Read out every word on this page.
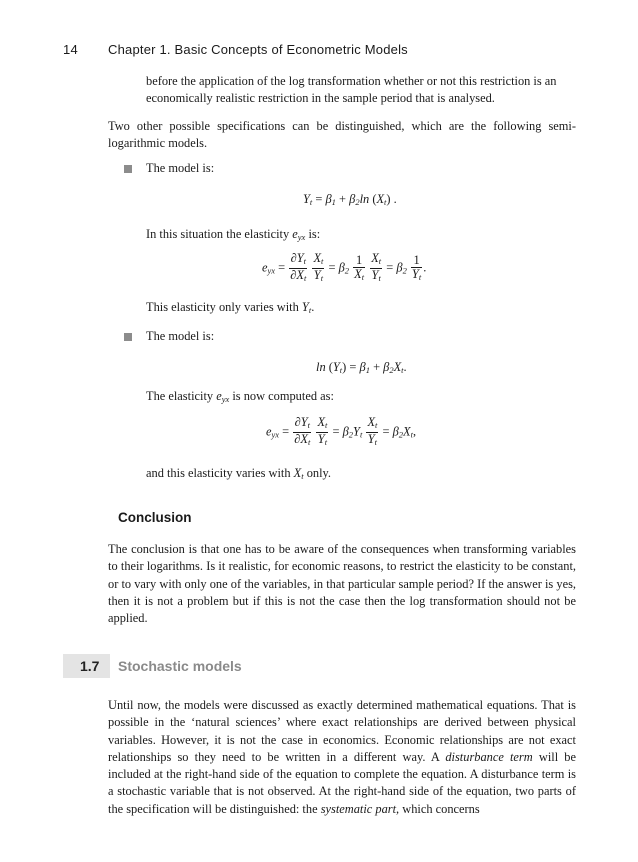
14 Chapter 1. Basic Concepts of Econometric Models
before the application of the log transformation whether or not this restriction is an
economically realistic restriction in the sample period that is analysed.
Two other possible specifications can be distinguished, which are the following semi-logarithmic models.
The model is:
$Y_t = \beta_1 + \beta_2\ln$ $(X_t)$ .
In this situation the elasticity $e_{yx}$ is:
$e_{yx} = \frac{\partial Y_t}{\partial X_t}$
$\frac{X_t}{Y_t} = \beta_2 \frac{1}{X_t}$
$\frac{X_t}{Y_t} = \beta_2 \frac{1}{Y_t}$ .
This elasticity only varies with $Y_t$.
The model is:
$\ln (Y_t) = \beta_1 + \beta_2X_t$.
The elasticity $e_{yx}$ is now computed as:
$e_{yx} = \frac{\partial Y_t}{\partial X_t}$
$\frac{X_t}{Y_t} = \beta_2Y_t \frac{X_t}{Y_t} = \beta_2X_t$,
and this elasticity varies with $X_t$ only.
Conclusion
The conclusion is that one has to be aware of the consequences when transforming variables to their logarithms. Is it realistic, for economic reasons, to restrict the elasticity to be constant, or to vary with only one of the variables, in that particular sample period? If the answer is yes, then it is not a problem but if this is not the case then the log transformation should not be applied.
1.7 Stochastic models
Until now, the models were discussed as exactly determined mathematical equations. That is possible in the ‘natural sciences’ where exact relationships are derived between physical variables. However, it is not the case in economics. Economic relationships are not exact relationships so they need to be written in a different way. A disturbance term will be included at the right-hand side of the equation to complete the equation. A disturbance term is a stochastic variable that is not observed. At the right-hand side of the equation, two parts of the specification will be distinguished: the systematic part, which concerns
